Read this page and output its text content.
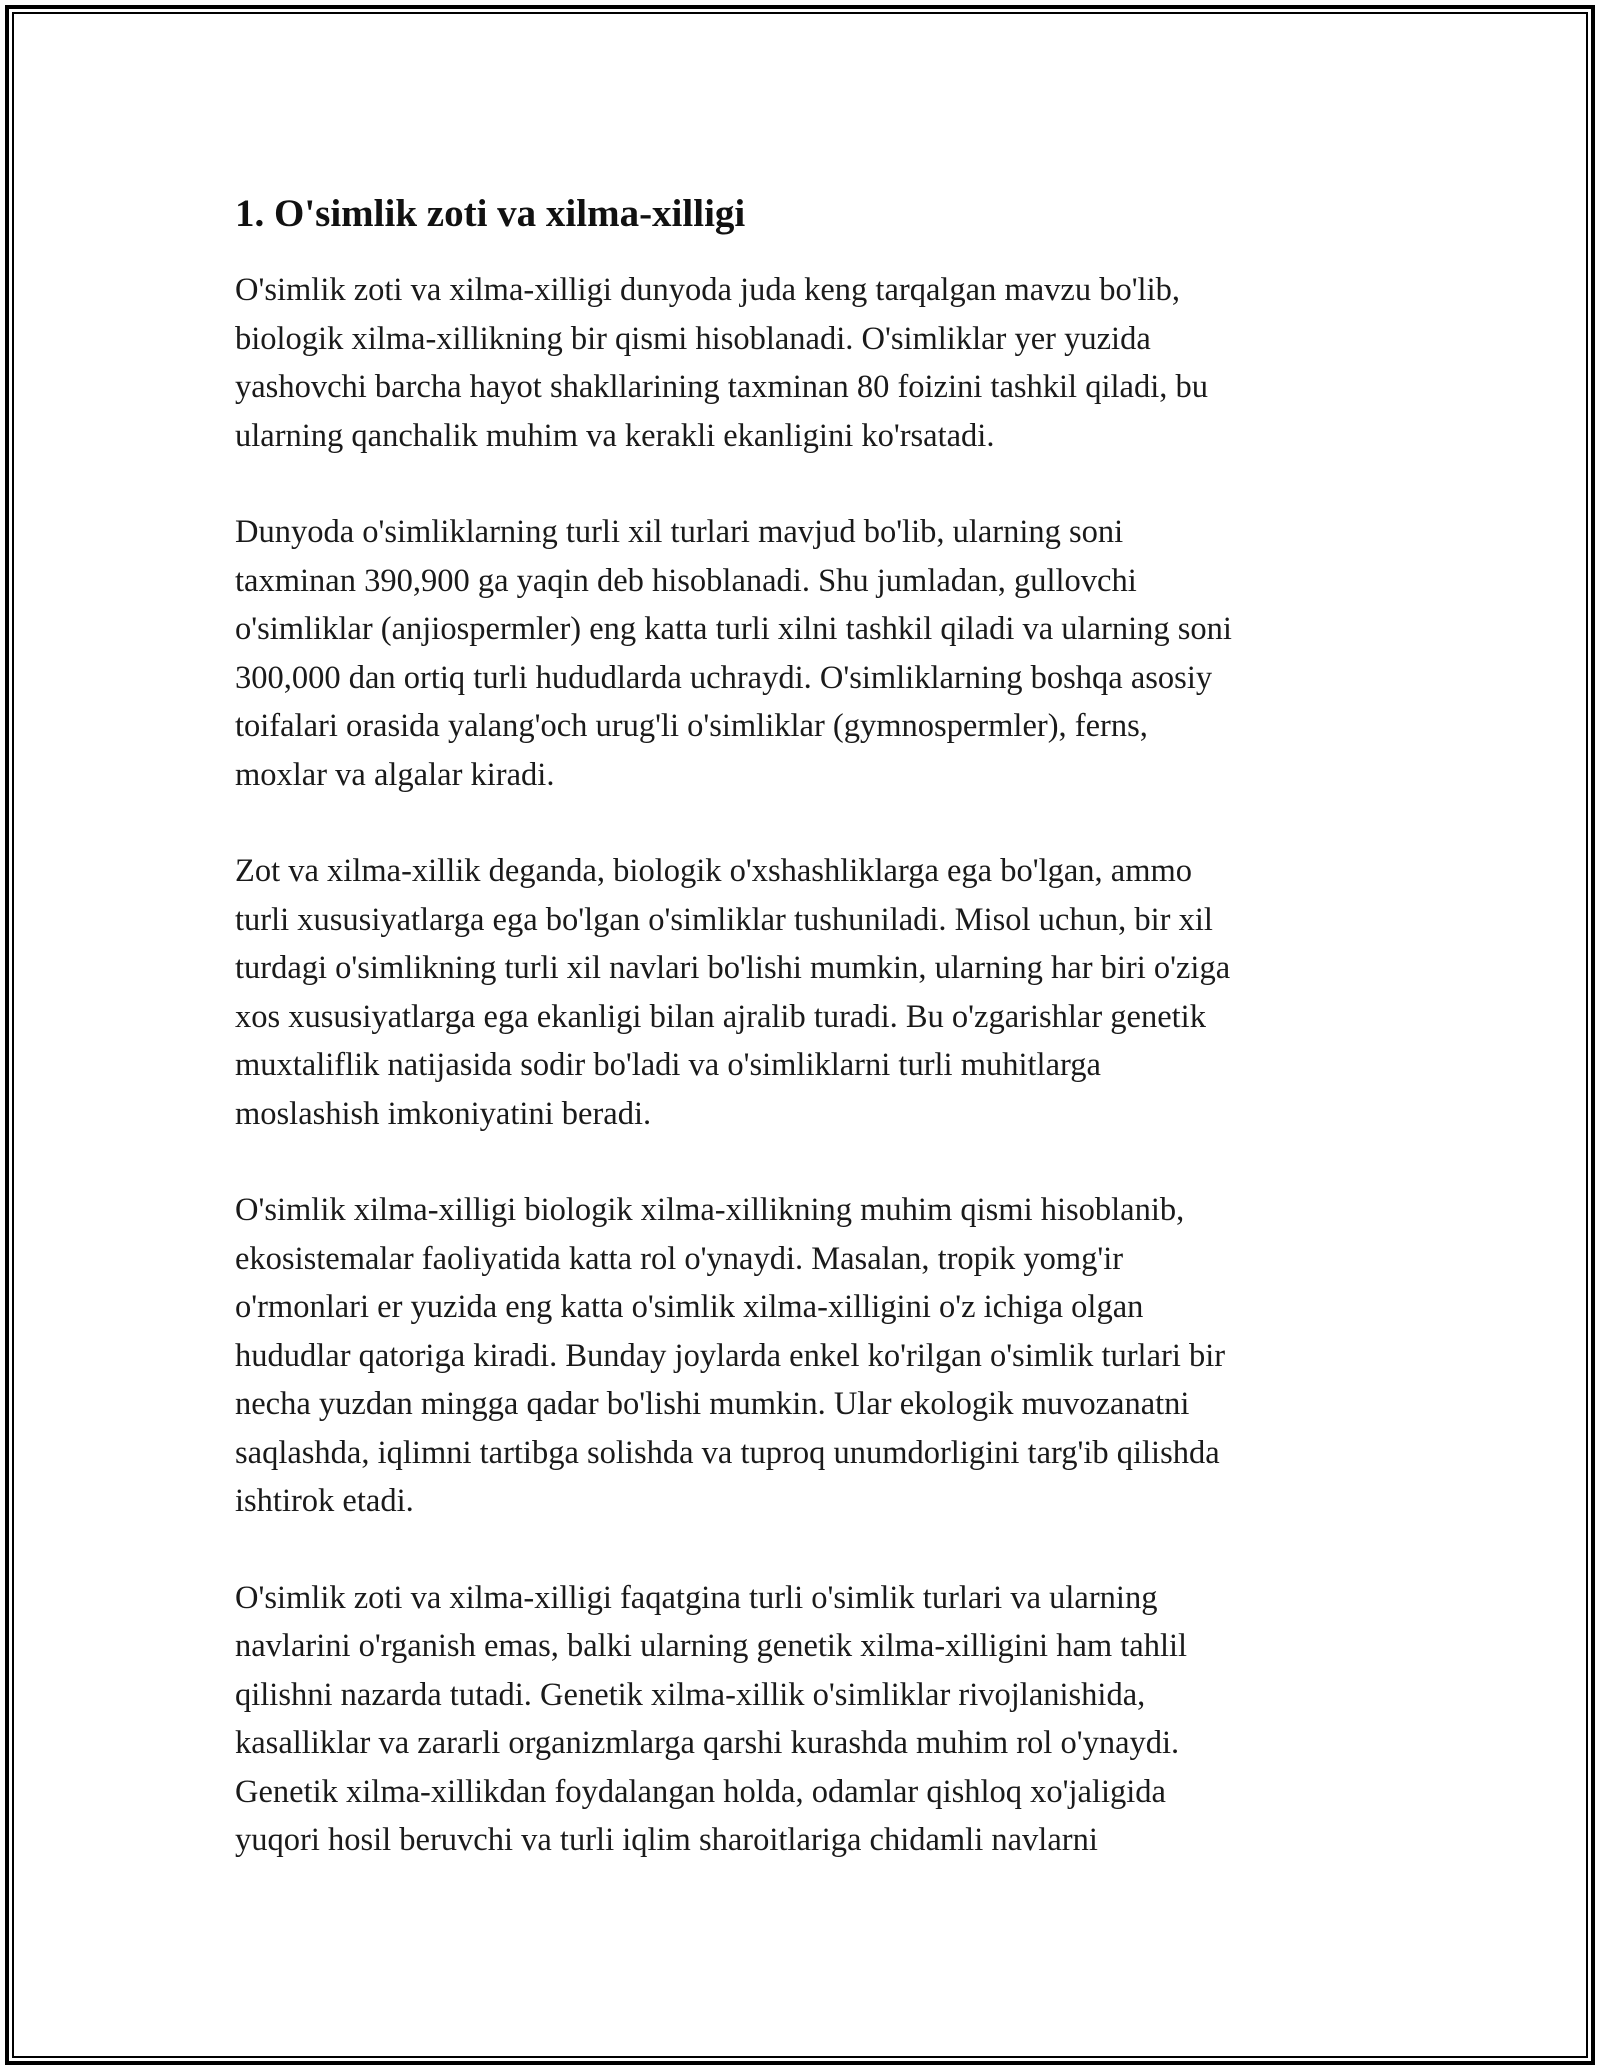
1. O'simlik zoti va xilma-xilligi

O'simlik zoti va xilma-xilligi dunyoda juda keng tarqalgan mavzu bo'lib,
biologik xilma-xillikning bir qismi hisoblanadi. O'simliklar yer yuzida
yashovchi barcha hayot shakllarining taxminan 80 foizini tashkil qiladi, bu
ularning qanchalik muhim va kerakli ekanligini ko'rsatadi.

Dunyoda o'simliklarning turli xil turlari mavjud bo'lib, ularning soni
taxminan 390,900 ga yaqin deb hisoblanadi. Shu jumladan, gullovchi
o'simliklar (anjiospermler) eng katta turli xilni tashkil qiladi va ularning soni
300,000 dan ortiq turli hududlarda uchraydi. O'simliklarning boshqa asosiy
toifalari orasida yalang'och urug'li o'simliklar (gymnospermler), ferns,
moxlar va algalar kiradi.

Zot va xilma-xillik deganda, biologik o'xshashliklarga ega bo'lgan, ammo
turli xususiyatlarga ega bo'lgan o'simliklar tushuniladi. Misol uchun, bir xil
turdagi o'simlikning turli xil navlari bo'lishi mumkin, ularning har biri o'ziga
xos xususiyatlarga ega ekanligi bilan ajralib turadi. Bu o'zgarishlar genetik
muxtaliflik natijasida sodir bo'ladi va o'simliklarni turli muhitlarga
moslashish imkoniyatini beradi.

O'simlik xilma-xilligi biologik xilma-xillikning muhim qismi hisoblanib,
ekosistemalar faoliyatida katta rol o'ynaydi. Masalan, tropik yomg'ir
o'rmonlari er yuzida eng katta o'simlik xilma-xilligini o'z ichiga olgan
hududlar qatoriga kiradi. Bunday joylarda enkel ko'rilgan o'simlik turlari bir
necha yuzdan mingga qadar bo'lishi mumkin. Ular ekologik muvozanatni
saqlashda, iqlimni tartibga solishda va tuproq unumdorligini targ'ib qilishda
ishtirok etadi.

O'simlik zoti va xilma-xilligi faqatgina turli o'simlik turlari va ularning
navlarini o'rganish emas, balki ularning genetik xilma-xilligini ham tahlil
qilishni nazarda tutadi. Genetik xilma-xillik o'simliklar rivojlanishida,
kasalliklar va zararli organizmlarga qarshi kurashda muhim rol o'ynaydi.
Genetik xilma-xillikdan foydalangan holda, odamlar qishloq xo'jaligida
yuqori hosil beruvchi va turli iqlim sharoitlariga chidamli navlarni
